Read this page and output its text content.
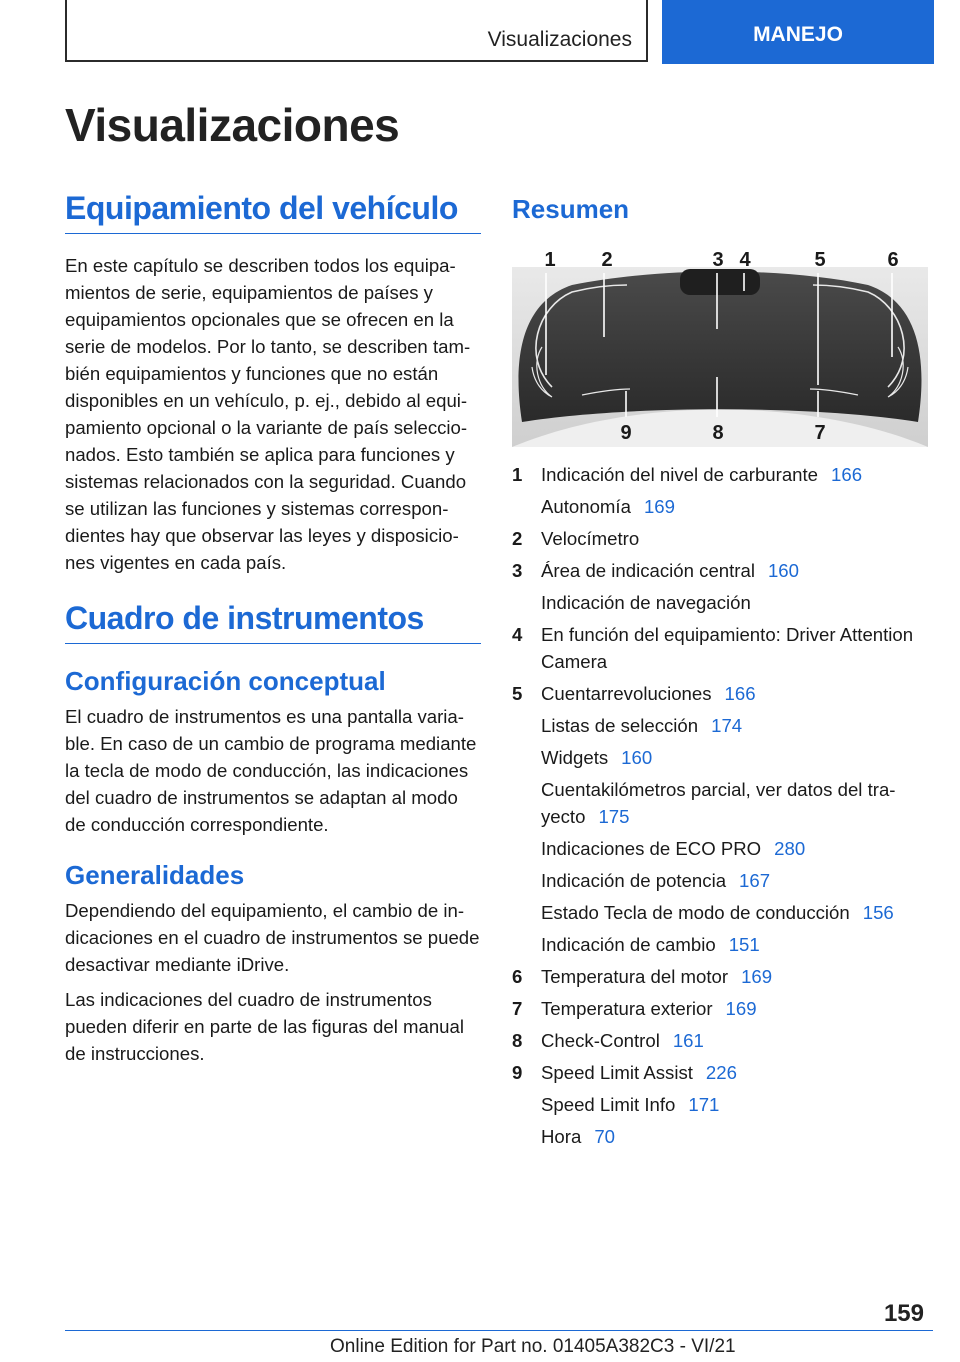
Visualizaciones	MANEJO
Visualizaciones
Equipamiento del vehículo

En este capítulo se describen todos los equipamientos de serie, equipamientos de países y equipamientos opcionales que se ofrecen en la serie de modelos. Por lo tanto, se describen también equipamientos y funciones que no están disponibles en un vehículo, p. ej., debido al equipamiento opcional o la variante de país seleccionados. Esto también se aplica para funciones y sistemas relacionados con la seguridad. Cuando se utilizan las funciones y sistemas correspondientes hay que observar las leyes y disposiciones vigentes en cada país.

Cuadro de instrumentos
Configuración conceptual

El cuadro de instrumentos es una pantalla variable. En caso de un cambio de programa mediante la tecla de modo de conducción, las indicaciones del cuadro de instrumentos se adaptan al modo de conducción correspondiente.

Generalidades

Dependiendo del equipamiento, el cambio de indicaciones en el cuadro de instrumentos se puede desactivar mediante iDrive.

Las indicaciones del cuadro de instrumentos pueden diferir en parte de las figuras del manual de instrucciones.

Resumen
1 2	3 4	5	6
9	8	7
1	Indicación del nivel de carburante 166
Autonomía 169
2	Velocímetro
3	Área de indicación central 160
Indicación de navegación
4	En función del equipamiento: Driver Attention Camera
5	Cuentarrevoluciones 166
Listas de selección 174
Widgets 160
Cuentakilómetros parcial, ver datos del trayecto 175
Indicaciones de ECO PRO 280
Indicación de potencia 167
Estado Tecla de modo de conducción 156
Indicación de cambio 151
6	Temperatura del motor 169
7	Temperatura exterior 169
8	Check-Control 161
9	Speed Limit Assist 226
Speed Limit Info 171
Hora 70
159
Online Edition for Part no. 01405A382C3 - VI/21
